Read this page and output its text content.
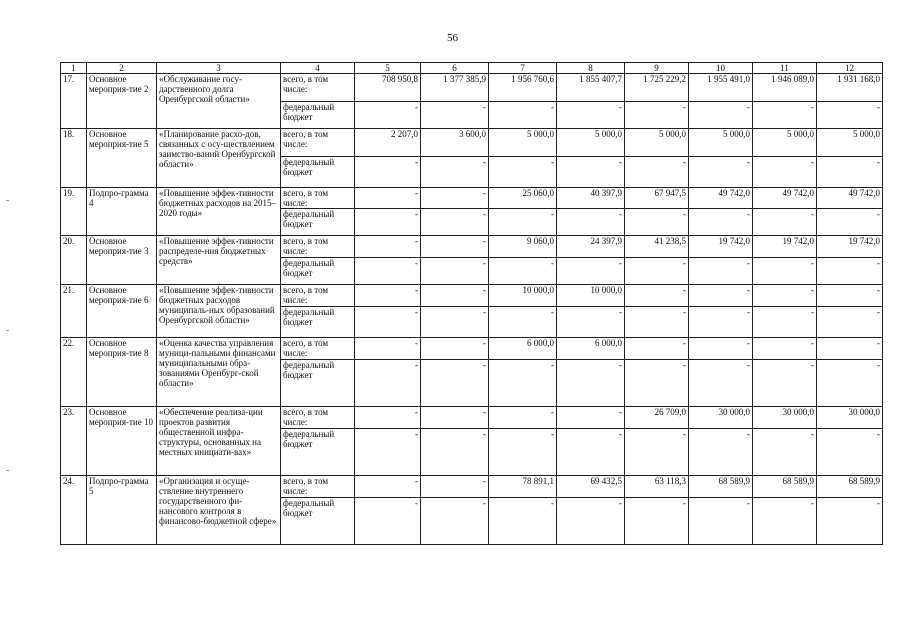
56
1	2	3	4	5	6	7	8	9	10	11	12
17.	Основное мероприя-тие 2	«Обслуживание госу-дарственного долга Оренбургской области»	всего, в том числе:	708 950,8	1 377 385,9	1 956 760,6	1 855 407,7	1 725 229,2	1 955 491,0	1 946 089,0	1 931 168,0
			федеральный бюджет	-	-	-	-	-	-	-	-
18.	Основное мероприя-тие 5	«Планирование расхо-дов, связанных с осу-ществлением заимство-ваний Оренбургской области»	всего, в том числе:	2 207,0	3 600,0	5 000,0	5 000,0	5 000,0	5 000,0	5 000,0	5 000,0
			федеральный бюджет	-	-	-	-	-	-	-	-
19.	Подпро-грамма 4	«Повышение эффек-тивности бюджетных расходов на 2015–2020 годы»	всего, в том числе:	-	-	25 060,0	40 397,9	67 947,5	49 742,0	49 742,0	49 742,0
			федеральный бюджет	-	-	-	-	-	-	-	-
20.	Основное мероприя-тие 3	«Повышение эффек-тивности распределе-ния бюджетных средств»	всего, в том числе:	-	-	9 060,0	24 397,9	41 238,5	19 742,0	19 742,0	19 742,0
			федеральный бюджет	-	-	-	-	-	-	-	-
21.	Основное мероприя-тие 6	«Повышение эффек-тивности бюджетных расходов муниципаль-ных образований Оренбургской области»	всего, в том числе:	-	-	10 000,0	10 000,0	-	-	-	-
			федеральный бюджет	-	-	-	-	-	-	-	-
22.	Основное мероприя-тие 8	«Оценка качества управления муници-пальными финансами муниципальными обра-зованиями Оренбург-ской области»	всего, в том числе:	-	-	6 000,0	6 000,0	-	-	-	-
			федеральный бюджет	-	-	-	-	-	-	-	-
23.	Основное мероприя-тие 10	«Обеспечение реализа-ции проектов развития общественной инфра-структуры, основанных на местных инициати-вах»	всего, в том числе:	-	-	-	-	26 709,0	30 000,0	30 000,0	30 000,0
			федеральный бюджет	-	-	-	-	-	-	-	-
24.	Подпро-грамма 5	«Организация и осуще-ствление внутреннего государственного фи-нансового контроля в финансово-бюджетной сфере»	всего, в том числе:	-	-	78 891,1	69 432,5	63 118,3	68 589,9	68 589,9	68 589,9
			федеральный бюджет	-	-	-	-	-	-	-	-
